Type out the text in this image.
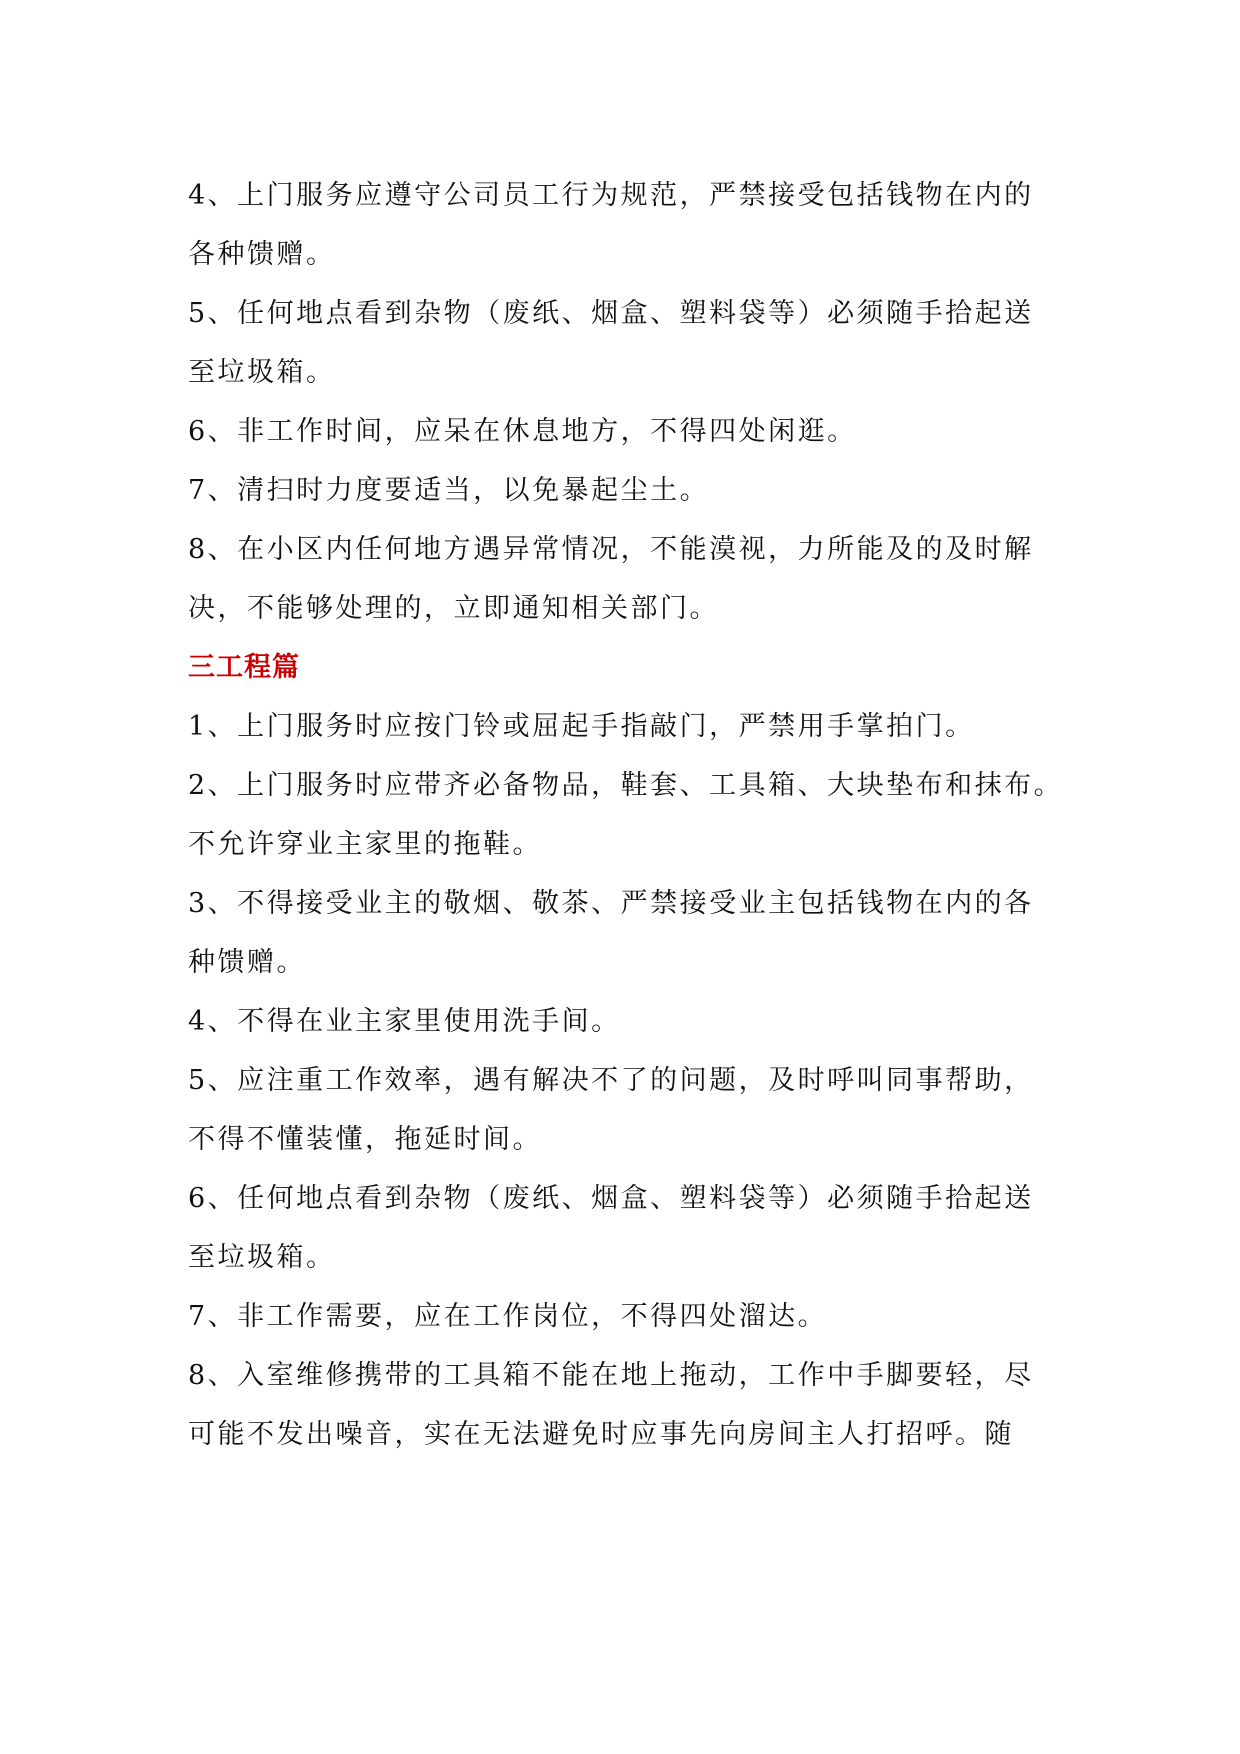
4、上门服务应遵守公司员工行为规范，严禁接受包括钱物在内的
各种馈赠。
5、任何地点看到杂物（废纸、烟盒、塑料袋等）必须随手拾起送
至垃圾箱。
6、非工作时间，应呆在休息地方，不得四处闲逛。
7、清扫时力度要适当，以免暴起尘土。
8、在小区内任何地方遇异常情况，不能漠视，力所能及的及时解
决，不能够处理的，立即通知相关部门。
三工程篇
1、上门服务时应按门铃或屈起手指敲门，严禁用手掌拍门。
2、上门服务时应带齐必备物品，鞋套、工具箱、大块垫布和抹布。
不允许穿业主家里的拖鞋。
3、不得接受业主的敬烟、敬茶、严禁接受业主包括钱物在内的各
种馈赠。
4、不得在业主家里使用洗手间。
5、应注重工作效率，遇有解决不了的问题，及时呼叫同事帮助，
不得不懂装懂，拖延时间。
6、任何地点看到杂物（废纸、烟盒、塑料袋等）必须随手拾起送
至垃圾箱。
7、非工作需要，应在工作岗位，不得四处溜达。
8、入室维修携带的工具箱不能在地上拖动，工作中手脚要轻，尽
可能不发出噪音，实在无法避免时应事先向房间主人打招呼。随
